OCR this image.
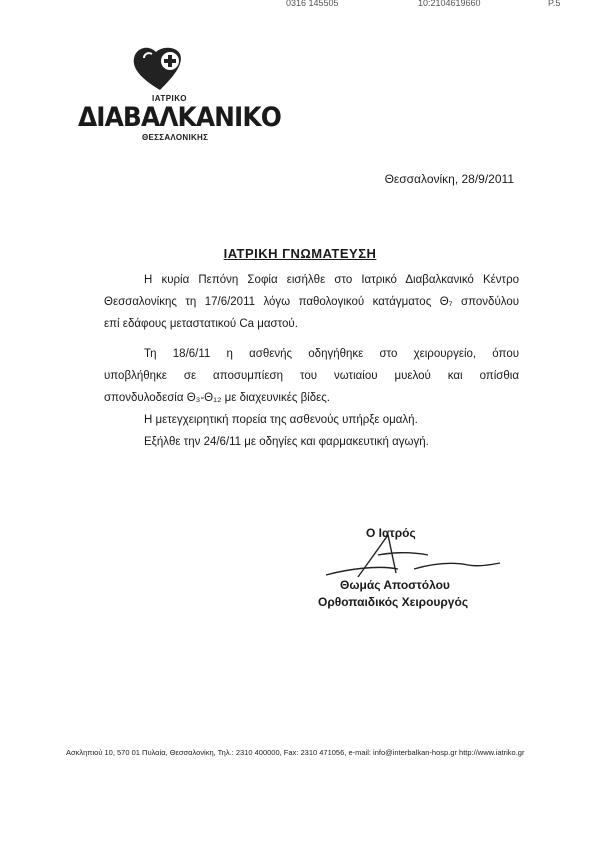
0316 145505	10:2104619660	P.5
ΙΑΤΡΙΚΟ
ΔΙΑΒΑΛΚΑΝΙΚΟ
ΘΕΣΣΑΛΟΝΙΚΗΣ
Θεσσαλονίκη, 28/9/2011
ΙΑΤΡΙΚΗ ΓΝΩΜΑΤΕΥΣΗ

Η κυρία Πεπόνη Σοφία εισήλθε στο Ιατρικό Διαβαλκανικό Κέντρο

Θεσσαλονίκης τη 17/6/2011 λόγω παθολογικού κατάγματος Θ₇ σπονδύλου

επί εδάφους μεταστατικού Ca μαστού.

Τη 18/6/11 η ασθενής οδηγήθηκε στο χειρουργείο, όπου

υποβλήθηκε σε αποσυμπίεση του νωτιαίου μυελού και οπίσθια

σπονδυλοδεσία Θ₃-Θ₁₂ με διαχευνικές βίδες.

Η μετεγχειρητική πορεία της ασθενούς υπήρξε ομαλή.

Εξήλθε την 24/6/11 με οδηγίες και φαρμακευτική αγωγή.

Ο Ιατρός
Θωμάς Αποστόλου
Ορθοπαιδικός Χειρουργός
Ασκληπιού 10, 570 01 Πυλαία, Θεσσαλονίκη, Τηλ.: 2310 400000, Fax: 2310 471056, e-mail: info@interbalkan-hosp.gr http://www.iatriko.gr
